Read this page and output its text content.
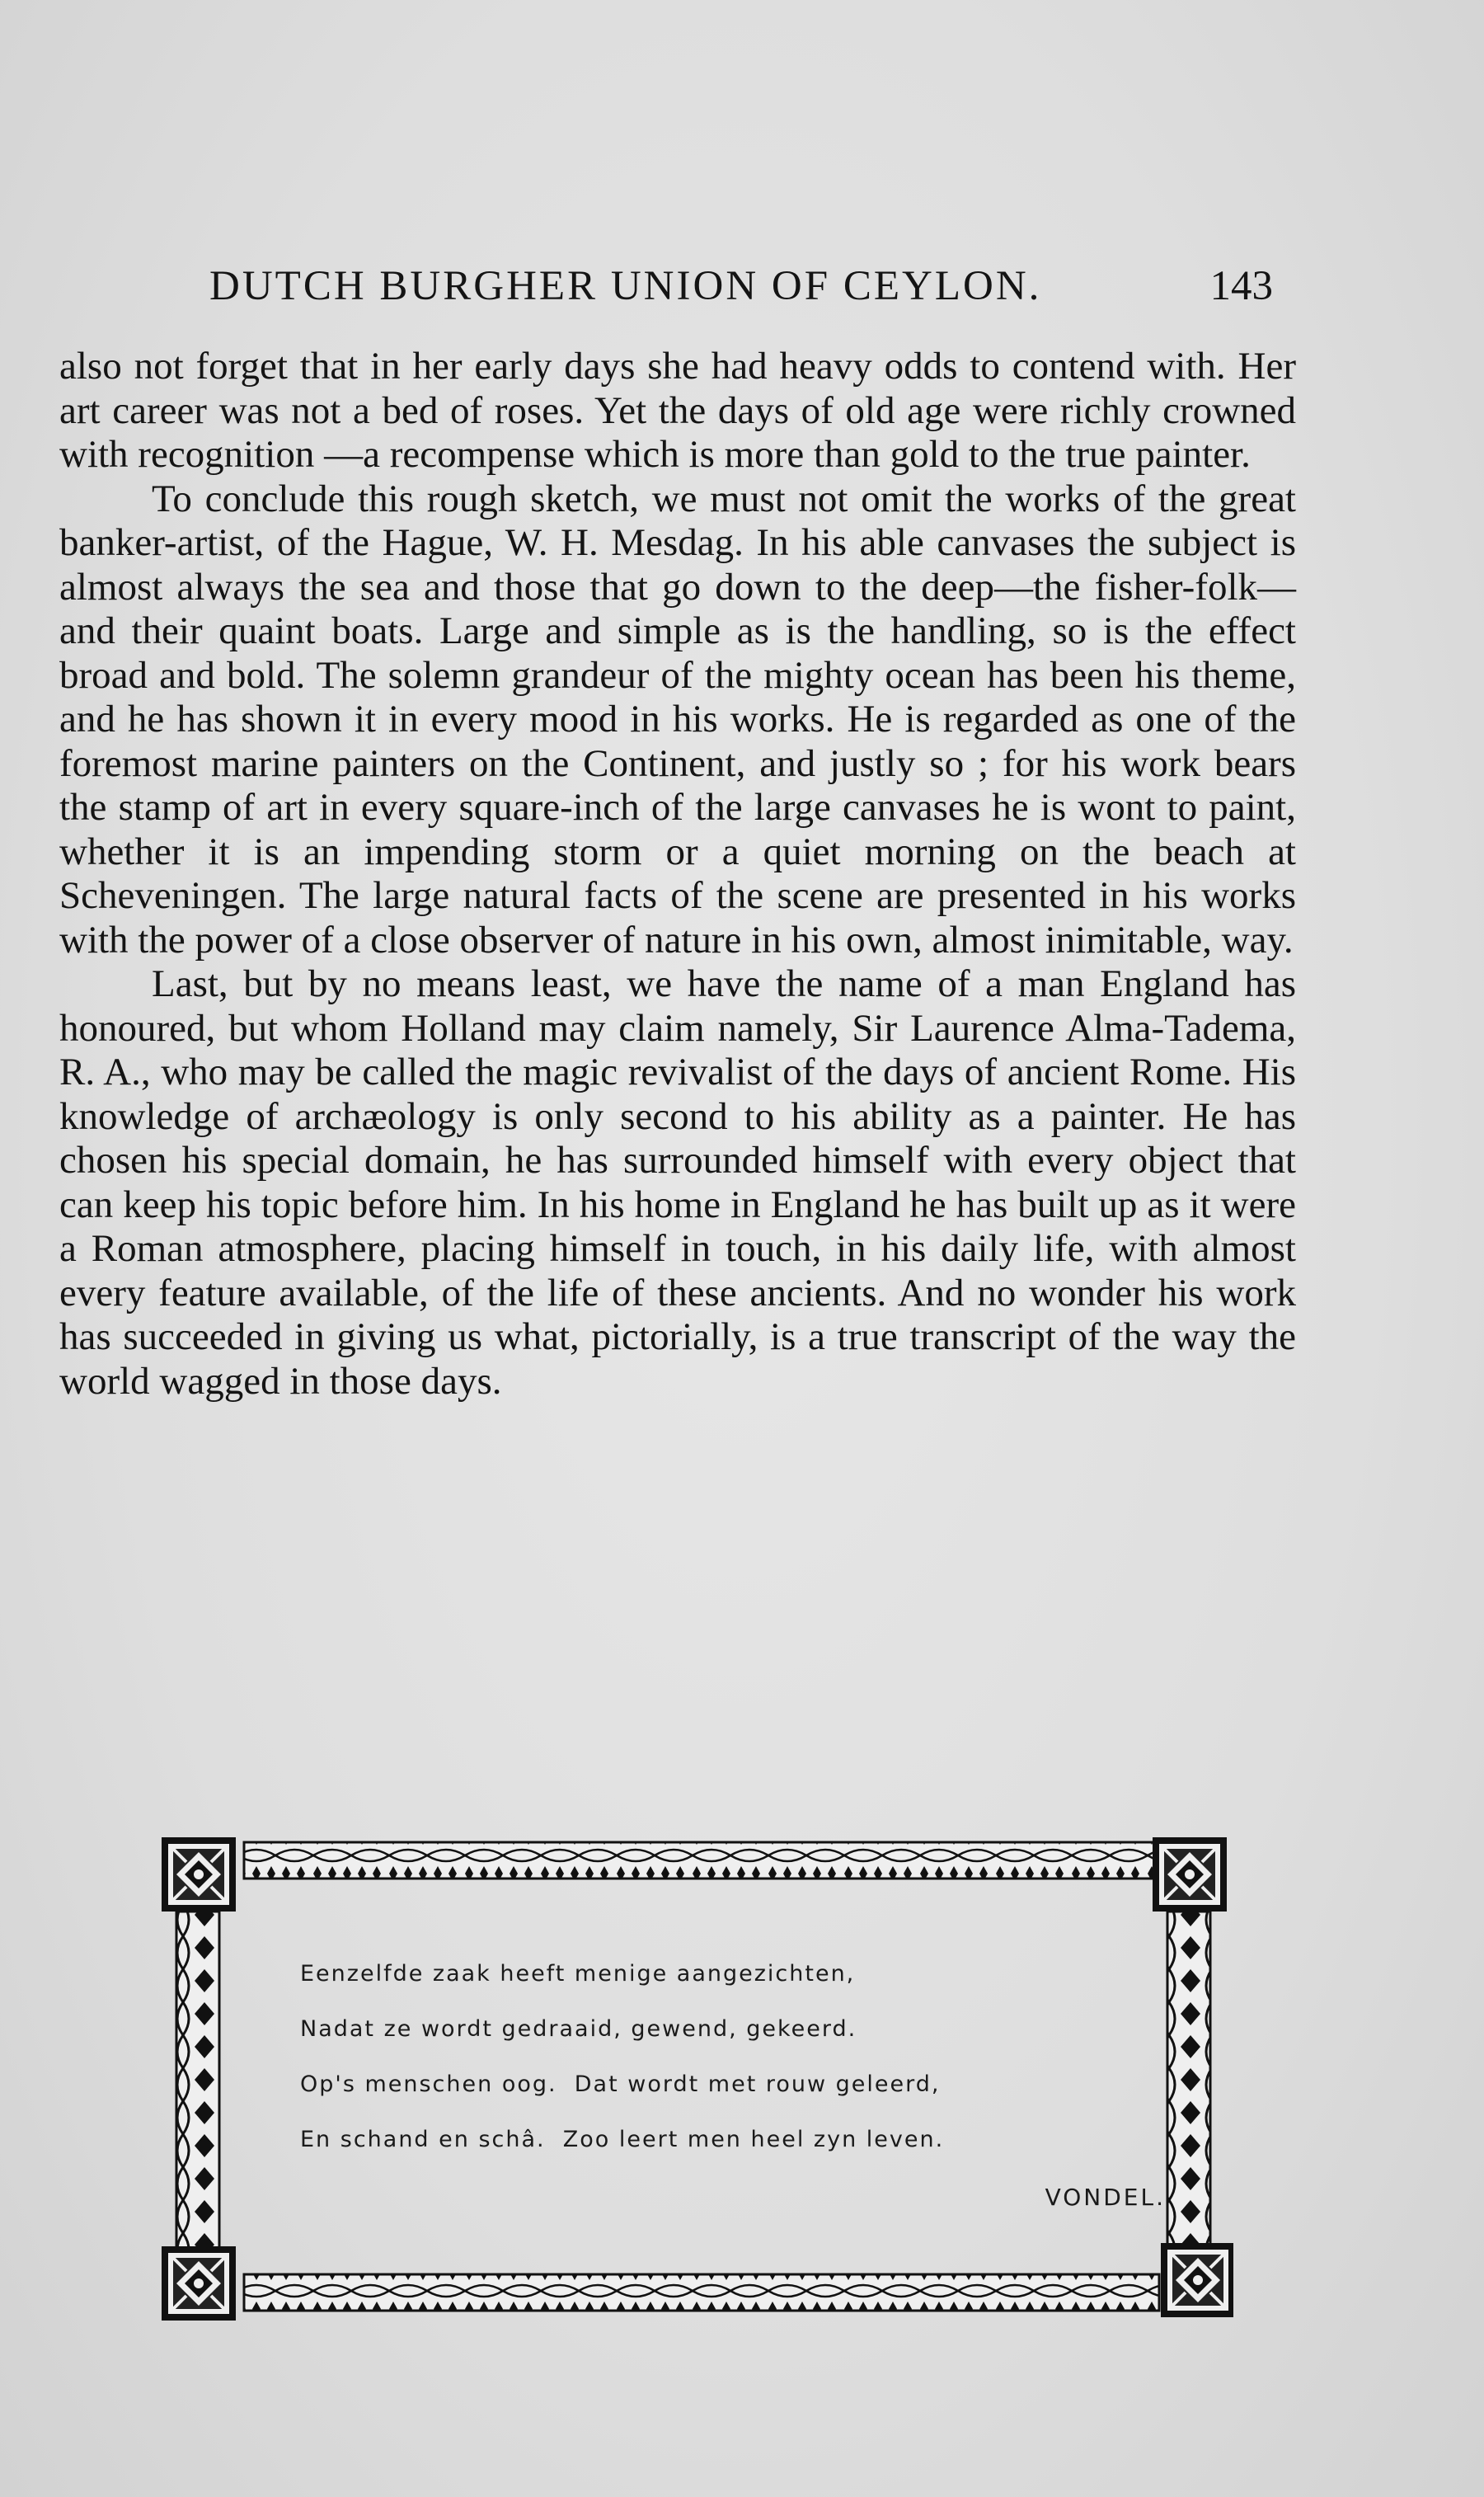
DUTCH BURGHER UNION OF CEYLON.	143

also not forget that in her early days she had heavy odds to contend with. Her art career was not a bed of roses. Yet the days of old age were richly crowned with recognition —a recompense which is more than gold to the true painter.

To conclude this rough sketch, we must not omit the works of the great banker-artist, of the Hague, W. H. Mesdag. In his able canvases the subject is almost always the sea and those that go down to the deep—the fisher-folk—and their quaint boats. Large and simple as is the handling, so is the effect broad and bold. The solemn grandeur of the mighty ocean has been his theme, and he has shown it in every mood in his works. He is regarded as one of the foremost marine painters on the Continent, and justly so ; for his work bears the stamp of art in every square-inch of the large canvases he is wont to paint, whether it is an impending storm or a quiet morning on the beach at Scheveningen. The large natural facts of the scene are presented in his works with the power of a close observer of nature in his own, almost inimitable, way.

Last, but by no means least, we have the name of a man England has honoured, but whom Holland may claim namely, Sir Laurence Alma-Tadema, R. A., who may be called the magic revivalist of the days of ancient Rome. His knowledge of archæology is only second to his ability as a painter. He has chosen his special domain, he has surrounded himself with every object that can keep his topic before him. In his home in England he has built up as it were a Roman atmosphere, placing himself in touch, in his daily life, with almost every feature available, of the life of these ancients. And no wonder his work has succeeded in giving us what, pictorially, is a true transcript of the way the world wagged in those days.

Eenzelfde zaak heeft menige aangezichten,
Nadat ze wordt gedraaid, gewend, gekeerd.
Op's menschen oog.  Dat wordt met rouw geleerd,
En schand en schâ.  Zoo leert men heel zyn leven.
VONDEL.
